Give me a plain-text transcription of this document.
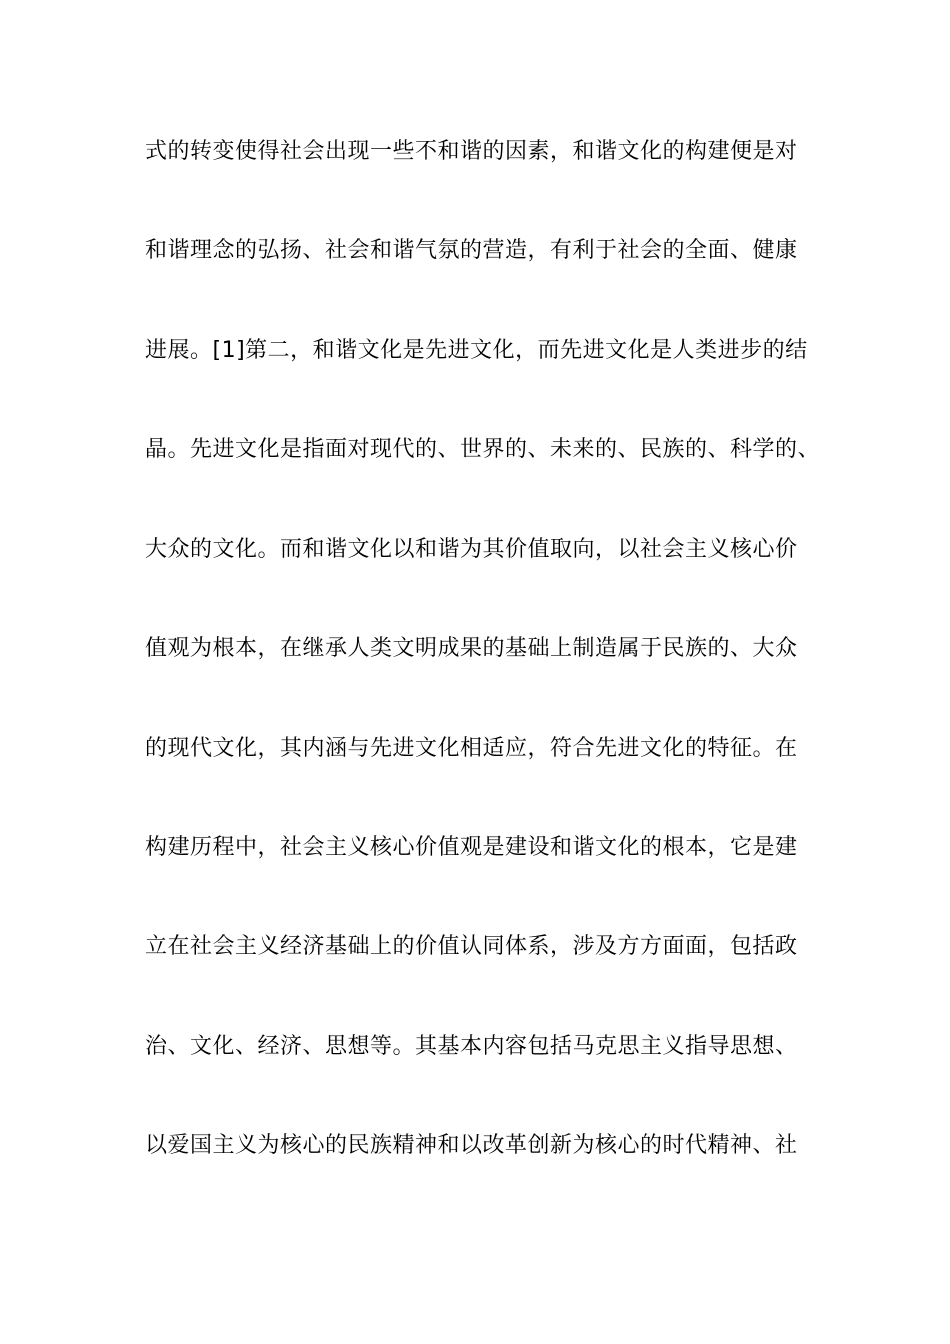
式的转变使得社会出现一些不和谐的因素，和谐文化的构建便是对
和谐理念的弘扬、社会和谐气氛的营造，有利于社会的全面、健康
进展。[1]第二，和谐文化是先进文化，而先进文化是人类进步的结
晶。先进文化是指面对现代的、世界的、未来的、民族的、科学的、
大众的文化。而和谐文化以和谐为其价值取向，以社会主义核心价
值观为根本，在继承人类文明成果的基础上制造属于民族的、大众
的现代文化，其内涵与先进文化相适应，符合先进文化的特征。在
构建历程中，社会主义核心价值观是建设和谐文化的根本，它是建
立在社会主义经济基础上的价值认同体系，涉及方方面面，包括政
治、文化、经济、思想等。其基本内容包括马克思主义指导思想、
以爱国主义为核心的民族精神和以改革创新为核心的时代精神、社
